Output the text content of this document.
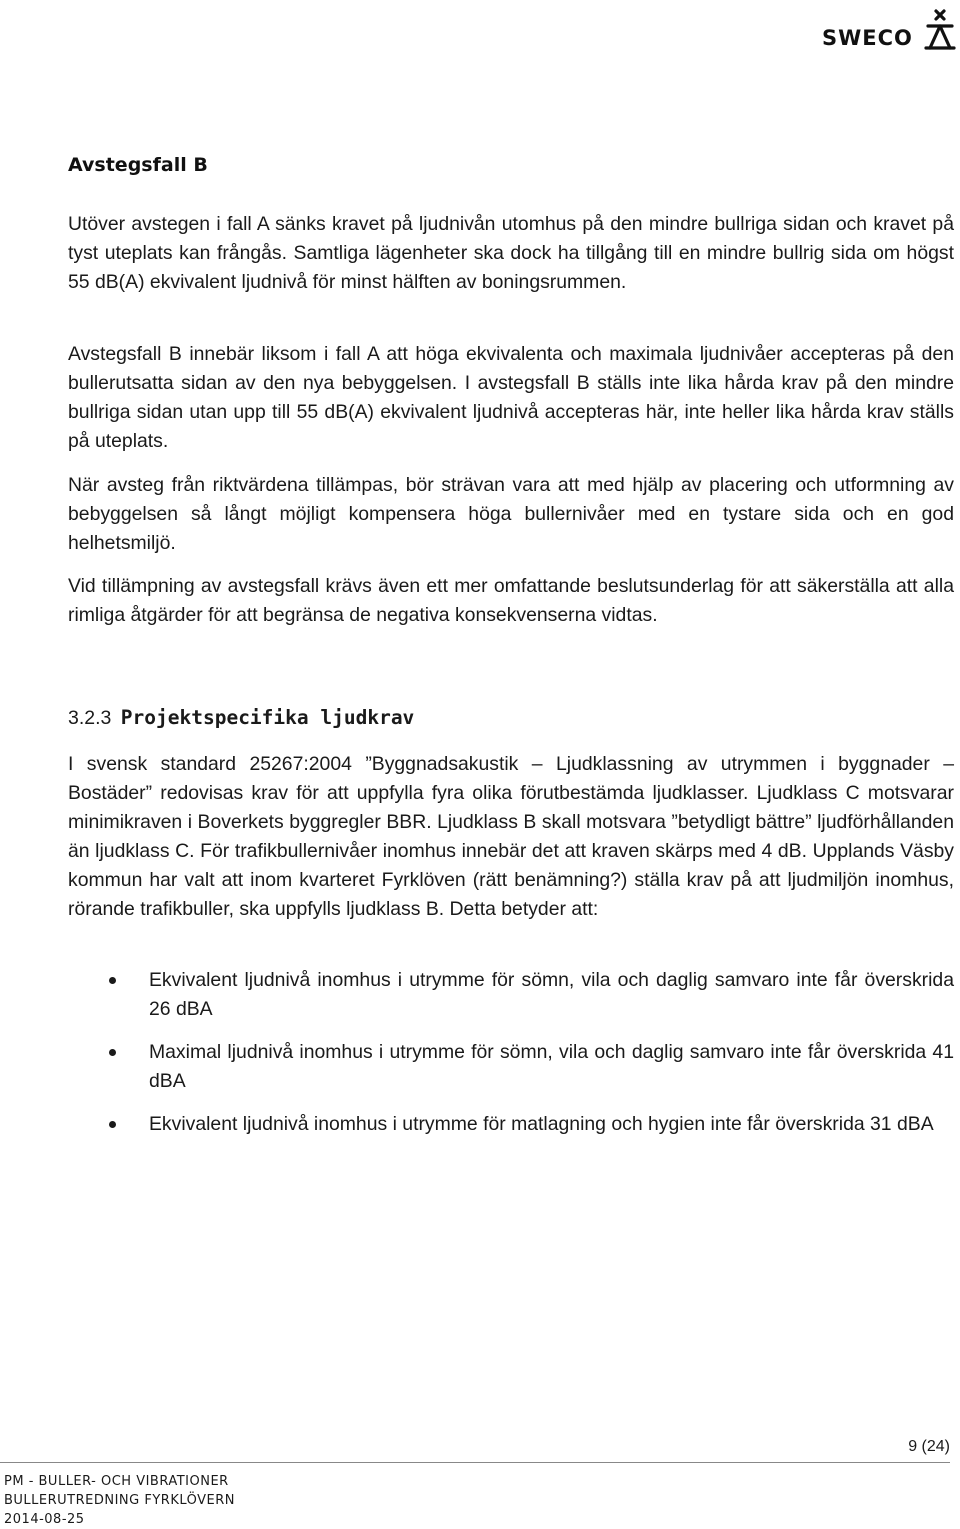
SWECO
Avstegsfall B

Utöver avstegen i fall A sänks kravet på ljudnivån utomhus på den mindre bullriga sidan och kravet på tyst uteplats kan frångås. Samtliga lägenheter ska dock ha tillgång till en mindre bullrig sida om högst 55 dB(A) ekvivalent ljudnivå för minst hälften av boningsrummen.

Avstegsfall B innebär liksom i fall A att höga ekvivalenta och maximala ljudnivåer accepteras på den bullerutsatta sidan av den nya bebyggelsen. I avstegsfall B ställs inte lika hårda krav på den mindre bullriga sidan utan upp till 55 dB(A) ekvivalent ljudnivå accepteras här, inte heller lika hårda krav ställs på uteplats.

När avsteg från riktvärdena tillämpas, bör strävan vara att med hjälp av placering och utformning av bebyggelsen så långt möjligt kompensera höga bullernivåer med en tystare sida och en god helhetsmiljö.

Vid tillämpning av avstegsfall krävs även ett mer omfattande beslutsunderlag för att säkerställa att alla rimliga åtgärder för att begränsa de negativa konsekvenserna vidtas.

3.2.3 Projektspecifika ljudkrav

I svensk standard 25267:2004 ”Byggnadsakustik – Ljudklassning av utrymmen i byggnader – Bostäder” redovisas krav för att uppfylla fyra olika förutbestämda ljudklasser. Ljudklass C motsvarar minimikraven i Boverkets byggregler BBR. Ljudklass B skall motsvara ”betydligt bättre” ljudförhållanden än ljudklass C. För trafikbullernivåer inomhus innebär det att kraven skärps med 4 dB. Upplands Väsby kommun har valt att inom kvarteret Fyrklöven (rätt benämning?) ställa krav på att ljudmiljön inomhus, rörande trafikbuller, ska uppfylls ljudklass B. Detta betyder att:

Ekvivalent ljudnivå inomhus i utrymme för sömn, vila och daglig samvaro inte får överskrida 26 dBA
Maximal ljudnivå inomhus i utrymme för sömn, vila och daglig samvaro inte får överskrida 41 dBA
Ekvivalent ljudnivå inomhus i utrymme för matlagning och hygien inte får överskrida 31 dBA
9 (24)
PM - BULLER- OCH VIBRATIONER
BULLERUTREDNING FYRKLÖVERN
2014-08-25
